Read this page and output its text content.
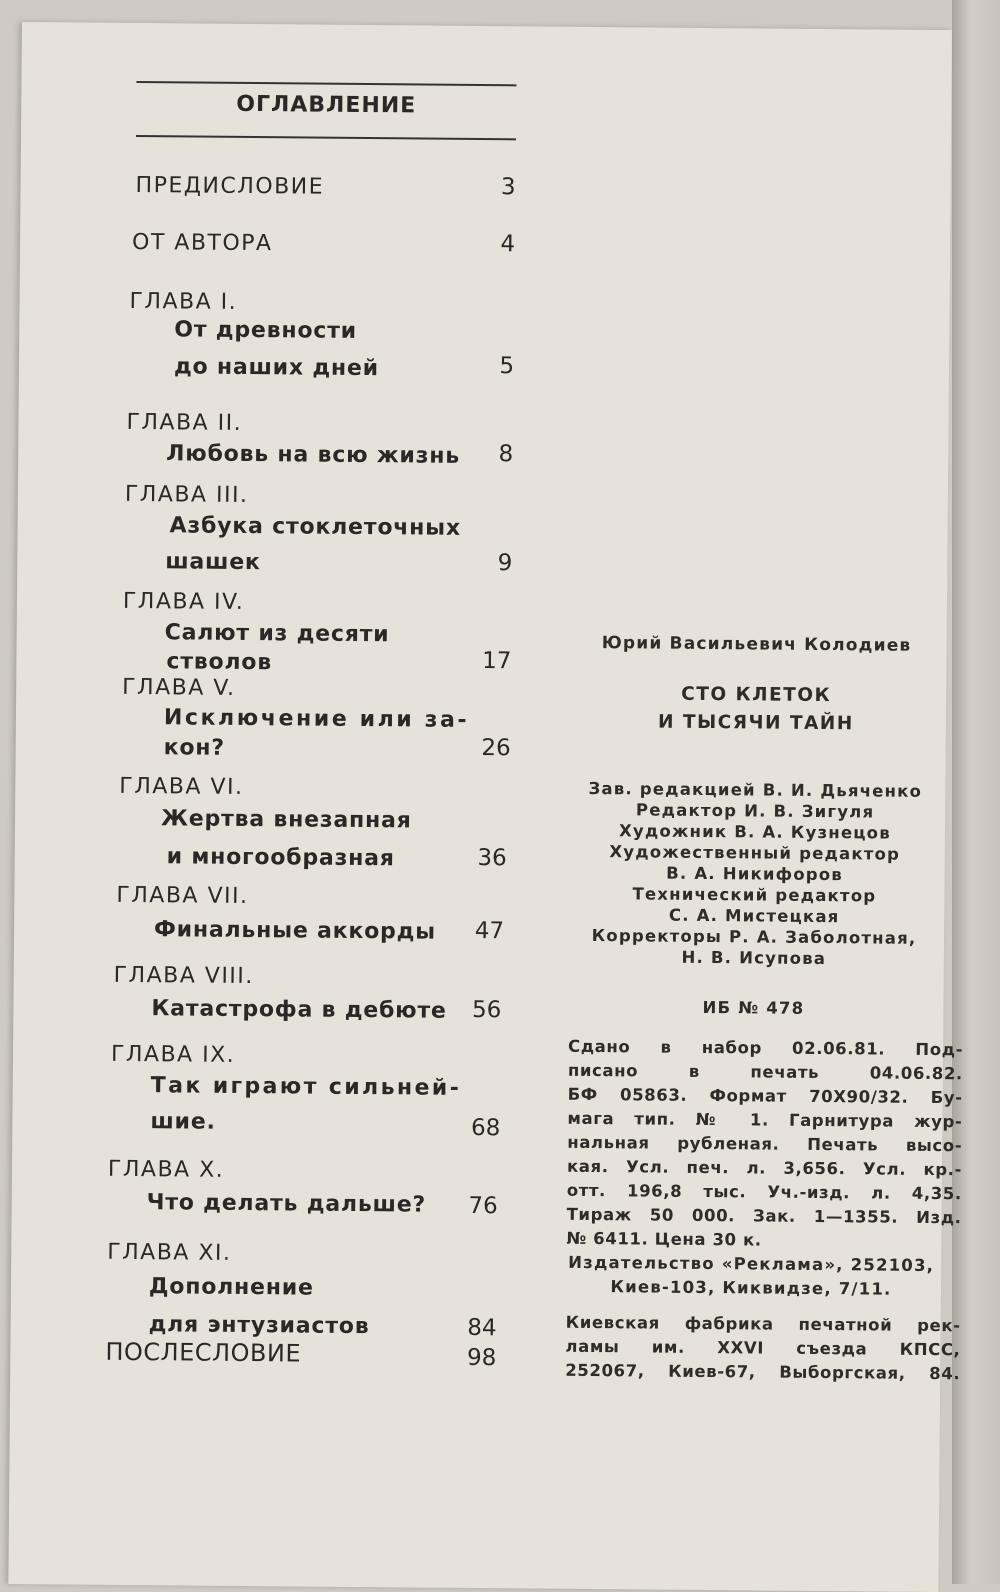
ОГЛАВЛЕНИЕ
ПРЕДИСЛОВИЕ	3
ОТ АВТОРА	4
ГЛАВА I.
От древности
до наших дней	5
ГЛАВА II.
Любовь на всю жизнь	8
ГЛАВА III.
Азбука стоклеточных
шашек	9
ГЛАВА IV.
Салют из десяти
стволов	17
ГЛАВА V.
Исключение или за-
кон?	26
ГЛАВА VI.
Жертва внезапная
и многообразная	36
ГЛАВА VII.
Финальные аккорды	47
ГЛАВА VIII.
Катастрофа в дебюте	56
ГЛАВА IX.
Так играют сильней-
шие.	68
ГЛАВА X.
Что делать дальше?	76
ГЛАВА XI.
Дополнение
для энтузиастов	84
ПОСЛЕСЛОВИЕ	98
Юрий Васильевич Колодиев
СТО КЛЕТОК
И ТЫСЯЧИ ТАЙН
Зав. редакцией В. И. Дьяченко
Редактор И. В. Зигуля
Художник В. А. Кузнецов
Художественный редактор
В. А. Никифоров
Технический редактор
С. А. Мистецкая
Корректоры Р. А. Заболотная,
Н. В. Исупова
ИБ № 478
Сдано в набор 02.06.81. Под-
писано в печать 04.06.82.
БФ 05863. Формат 70Х90/32. Бу-
мага тип. № 1. Гарнитура жур-
нальная рубленая. Печать высо-
кая. Усл. печ. л. 3,656. Усл. кр.-
отт. 196,8 тыс. Уч.-изд. л. 4,35.
Тираж 50 000. Зак. 1—1355. Изд.
№ 6411. Цена 30 к.
Издательство «Реклама», 252103,
Киев-103, Киквидзе, 7/11.
Киевская фабрика печатной рек-
ламы им. XXVI съезда КПСС,
252067, Киев-67, Выборгская, 84.
